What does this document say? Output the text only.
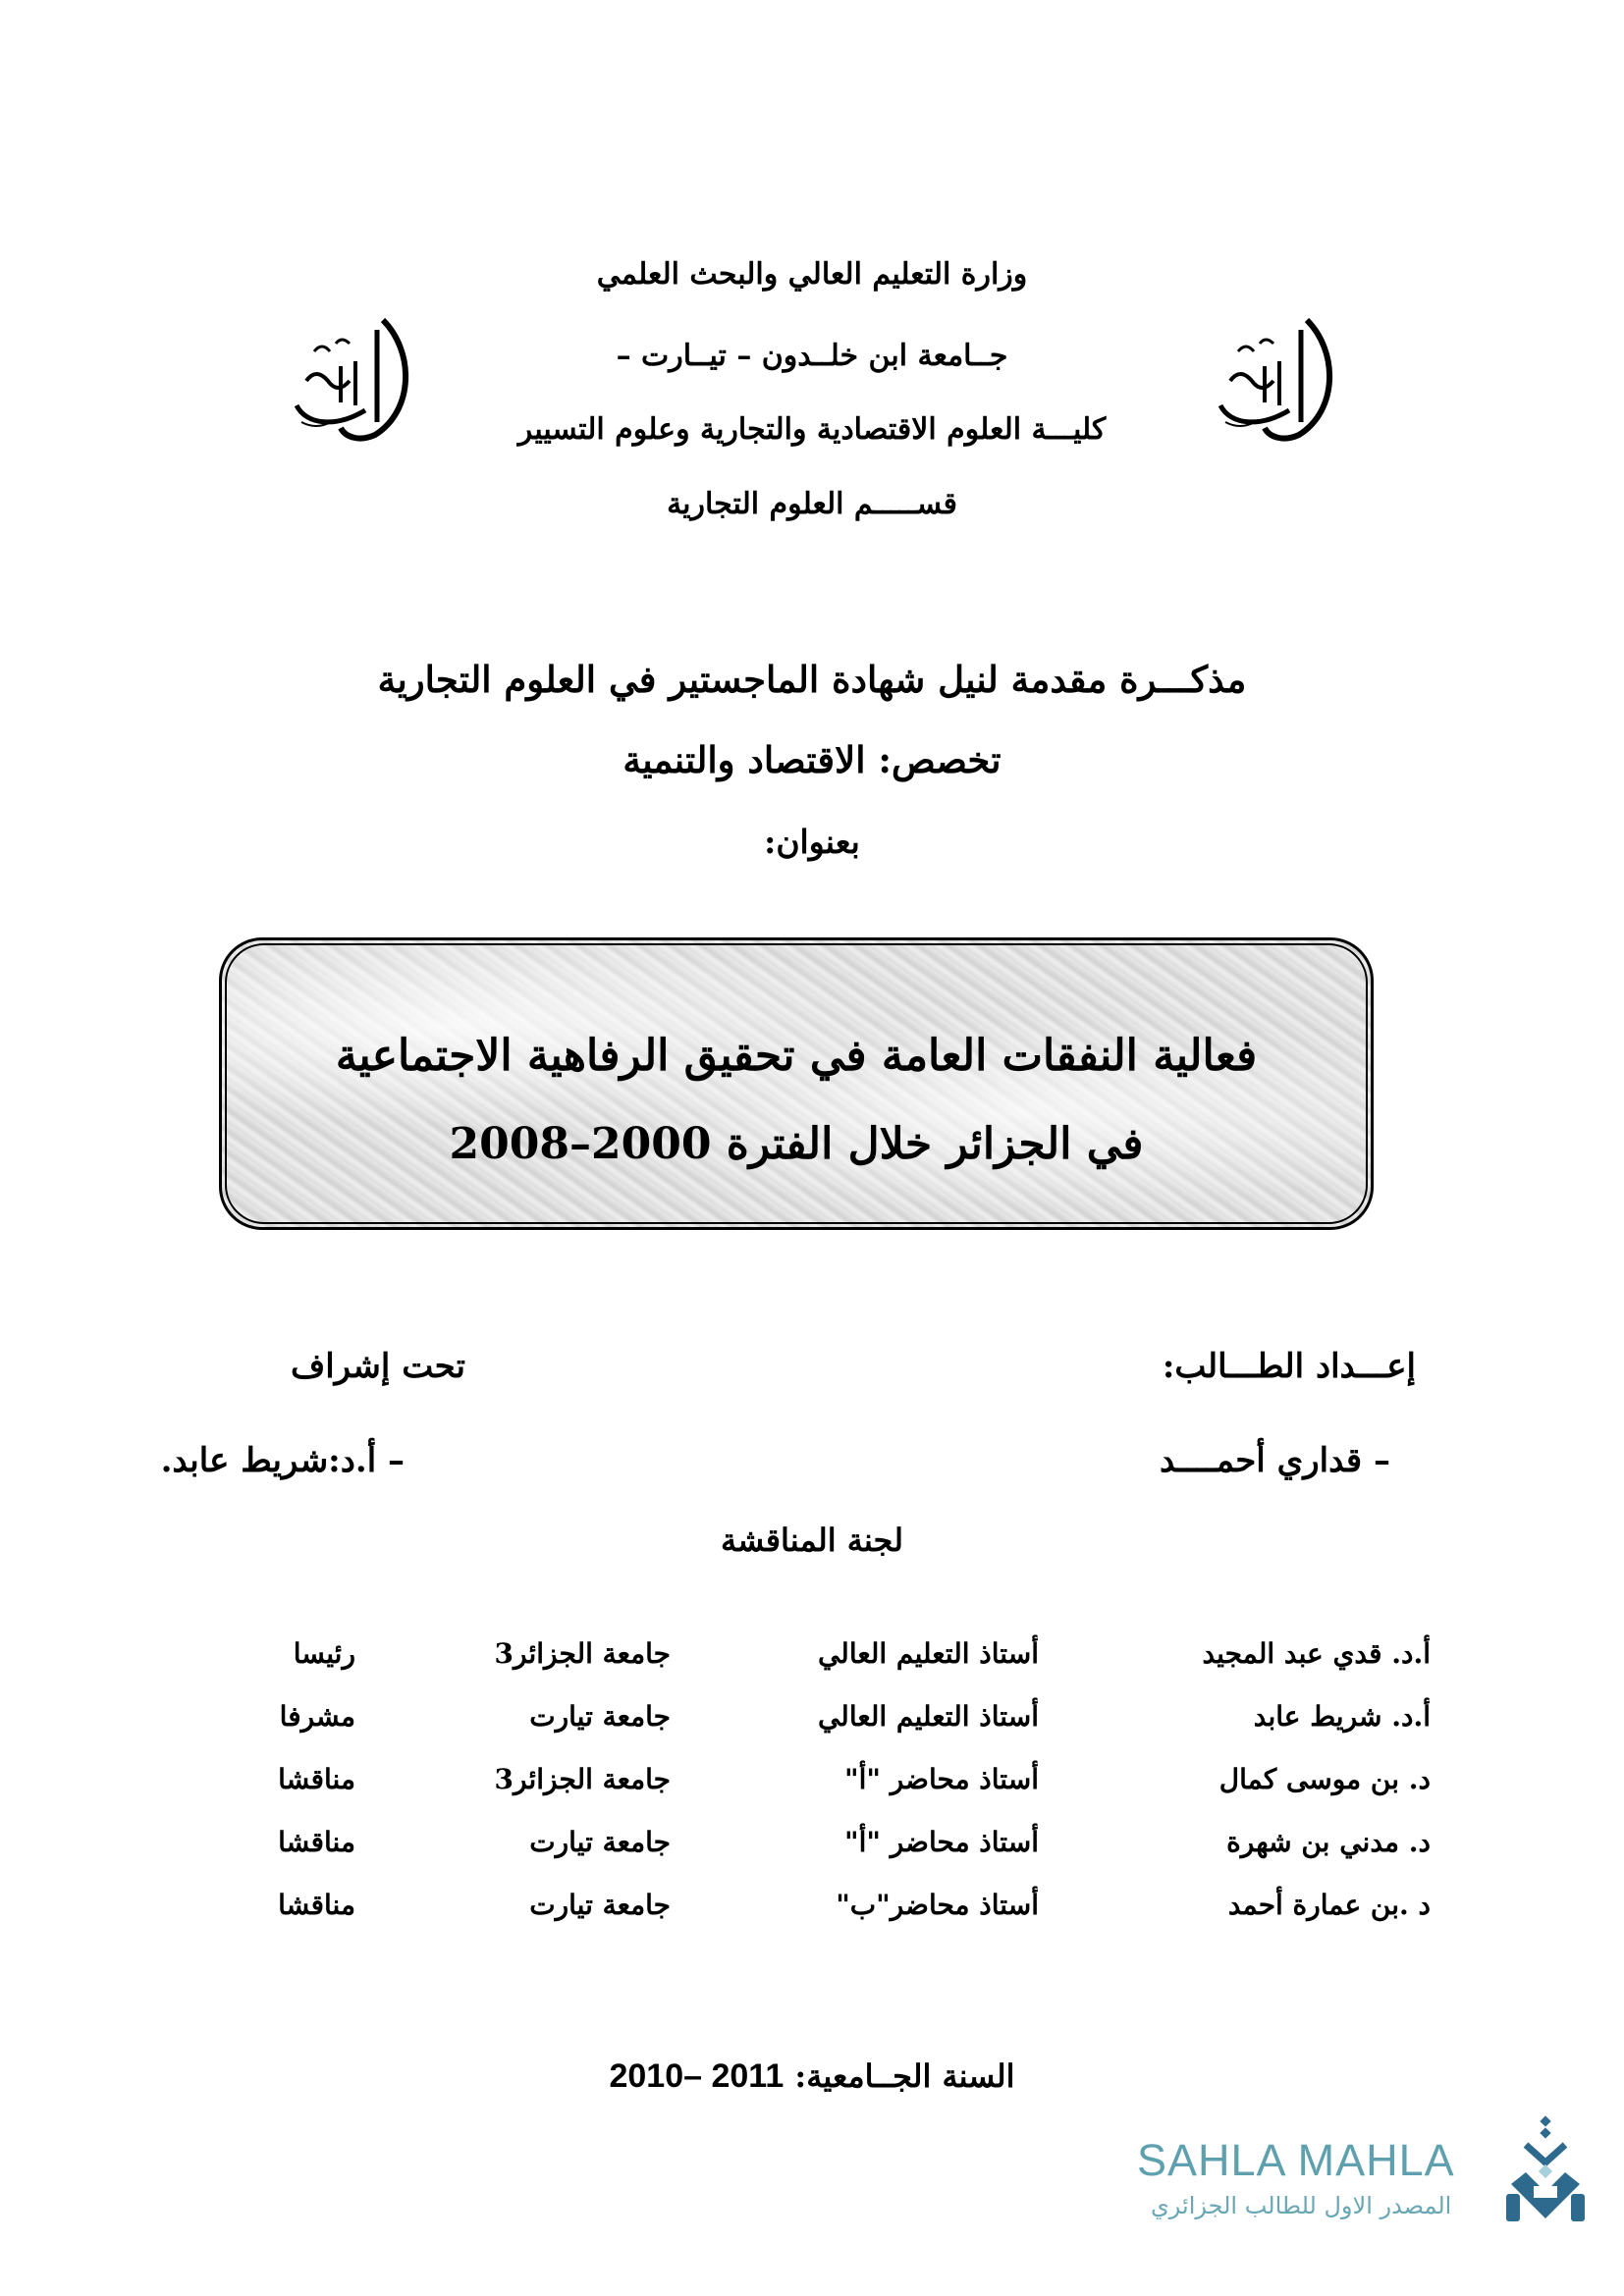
وزارة التعليم العالي والبحث العلمي
جــامعة ابن خلــدون – تيــارت –
كليـــة العلوم الاقتصادية والتجارية وعلوم التسيير
قســـــم العلوم التجارية
مذكـــرة مقدمة لنيل شهادة الماجستير في العلوم التجارية
تخصص: الاقتصاد والتنمية
بعنوان:
فعالية النفقات العامة في تحقيق الرفاهية الاجتماعية
في الجزائر خلال الفترة 2000–2008
إعـــداد الطـــالب:
تحت إشراف
– قداري أحمــــد
– أ.د:شريط عابد.
لجنة المناقشة
أ.د. قدي عبد المجيد
أستاذ التعليم العالي
جامعة الجزائر3
رئيسا
أ.د. شريط عابد
أستاذ التعليم العالي
جامعة تيارت
مشرفا
د. بن موسى كمال
أستاذ محاضر "أ"
جامعة الجزائر3
مناقشا
د. مدني بن شهرة
أستاذ محاضر "أ"
جامعة تيارت
مناقشا
د .بن عمارة أحمد
أستاذ محاضر"ب"
جامعة تيارت
مناقشا
السنة الجــامعية: 2010– 2011
SAHLA MAHLA
المصدر الاول للطالب الجزائري
